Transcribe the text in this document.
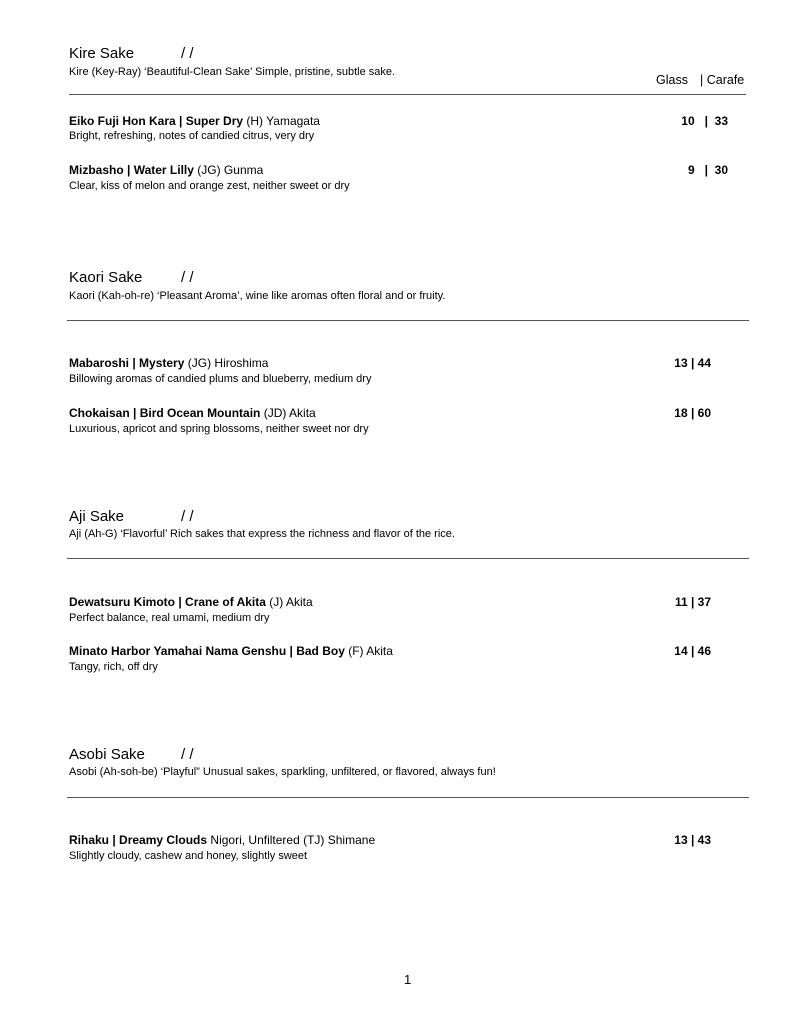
Glass | Carafe
Kire Sake	/ /
Kire (Key-Ray) ‘Beautiful-Clean Sake’ Simple, pristine, subtle sake.
Eiko Fuji Hon Kara | Super Dry (H) Yamagata
Bright, refreshing, notes of candied citrus, very dry
10   |  33
Mizbasho | Water Lilly (JG) Gunma
Clear, kiss of melon and orange zest, neither sweet or dry
9   |  30
Kaori Sake	/ /
Kaori (Kah-oh-re) ‘Pleasant Aroma’, wine like aromas often floral and or fruity.
Mabaroshi | Mystery (JG) Hiroshima
Billowing aromas of candied plums and blueberry, medium dry
13 | 44
Chokaisan | Bird Ocean Mountain (JD) Akita
Luxurious, apricot and spring blossoms, neither sweet nor dry
18 | 60
Aji Sake	/ /
Aji (Ah-G) ‘Flavorful’ Rich sakes that express the richness and flavor of the rice.
Dewatsuru Kimoto | Crane of Akita (J) Akita
Perfect balance, real umami, medium dry
11 | 37
Minato Harbor Yamahai Nama Genshu | Bad Boy (F) Akita
Tangy, rich, off dry
14 | 46
Asobi Sake / /
Asobi (Ah-soh-be) ‘Playful” Unusual sakes, sparkling, unfiltered, or flavored, always fun!
Rihaku | Dreamy Clouds Nigori, Unfiltered (TJ) Shimane
Slightly cloudy, cashew and honey, slightly sweet
13 | 43
1
